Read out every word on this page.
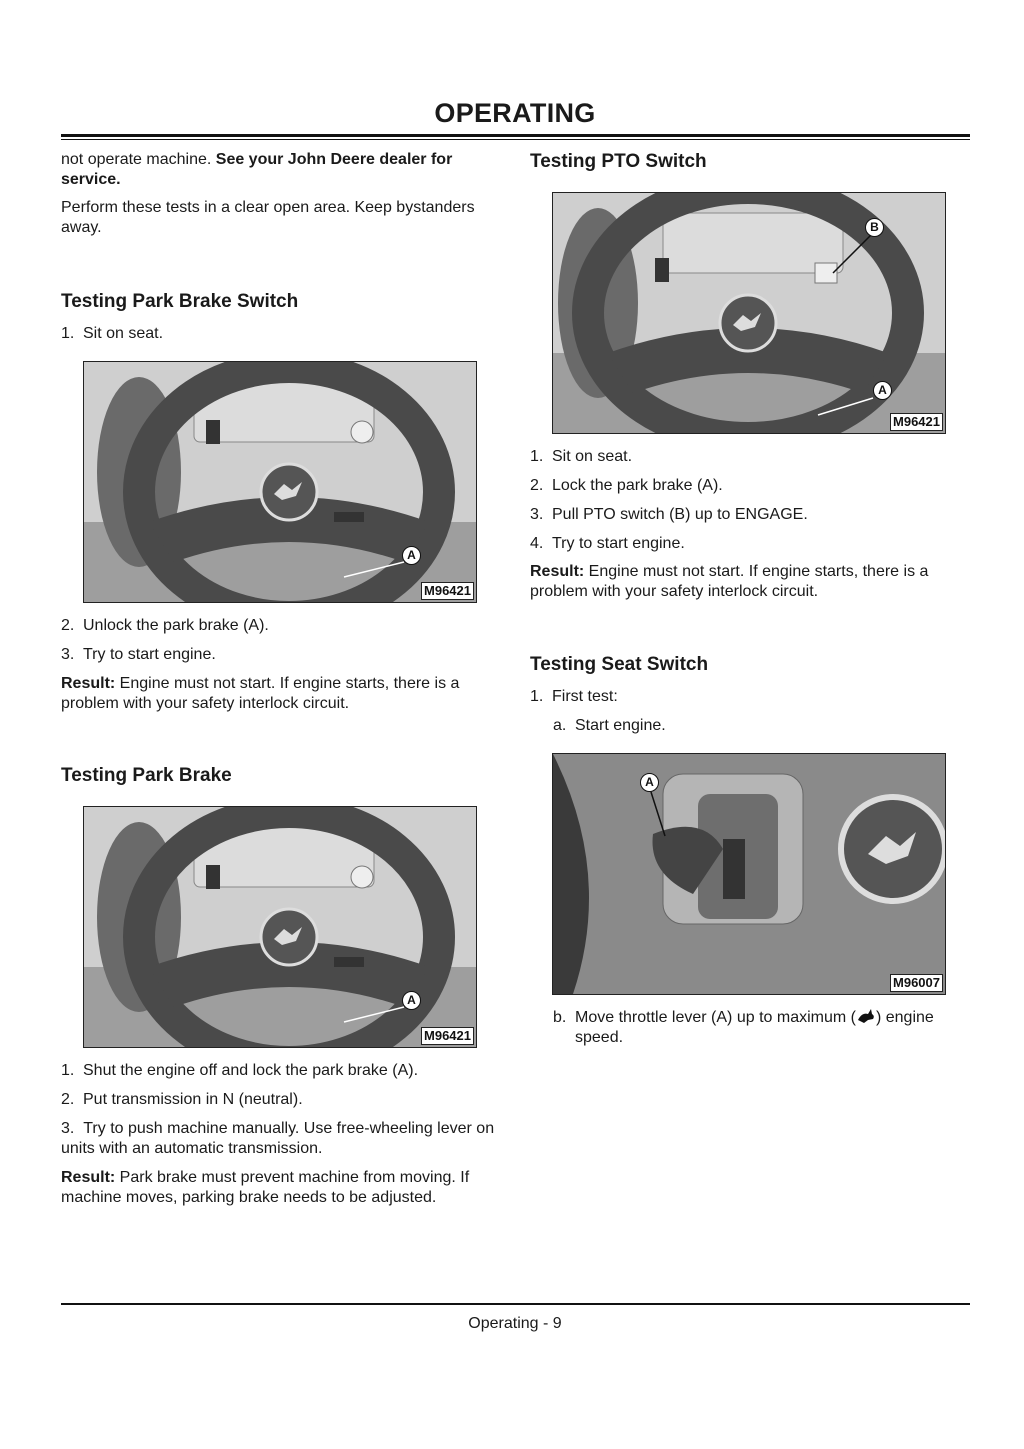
OPERATING

not operate machine. See your John Deere dealer for service.

Perform these tests in a clear open area. Keep bystanders away.

Testing Park Brake Switch
1. Sit on seat.
A
M96421
2. Unlock the park brake (A).
3. Try to start engine.

Result: Engine must not start. If engine starts, there is a problem with your safety interlock circuit.

Testing Park Brake
A
M96421
1. Shut the engine off and lock the park brake (A).
2. Put transmission in N (neutral).

3. Try to push machine manually. Use free-wheeling lever on units with an automatic transmission.

Result: Park brake must prevent machine from moving. If machine moves, parking brake needs to be adjusted.

Testing PTO Switch
B
A
M96421
1. Sit on seat.
2. Lock the park brake (A).
3. Pull PTO switch (B) up to ENGAGE.
4. Try to start engine.

Result: Engine must not start. If engine starts, there is a problem with your safety interlock circuit.

Testing Seat Switch
1. First test:
a. Start engine.
A
M96007
b. Move throttle lever (A) up to maximum ( ) engine speed.

Operating - 9
